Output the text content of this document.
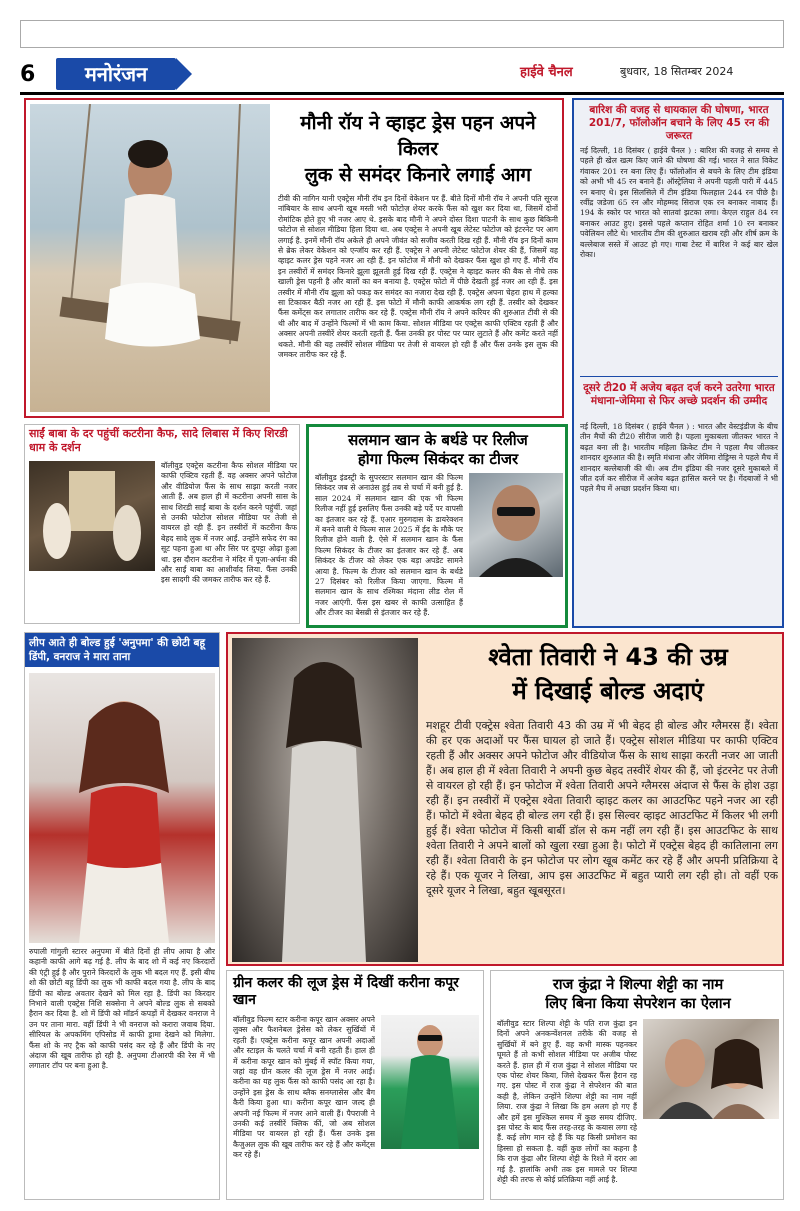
6	मनोरंजन	हाईवे चैनल	बुधवार, 18 सितम्बर 2024
मौनी रॉय ने व्हाइट ड्रेस पहन अपने किलर
लुक से समंदर किनारे लगाई आग
टीवी की नागिन यानी एक्ट्रेस मौनी रॉय इन दिनों वेकेशन पर हैं. बीते दिनों मौनी रॉय ने अपनी पति सूरज नांबियार के साथ अपनी खूब मस्ती भरी फोटोज़ शेयर करके फैंस को खुश कर दिया था, जिसमें दोनों रोमांटिक होते हुए भी नजर आए थे. इसके बाद मौनी ने अपने दोस्त दिशा पाटनी के साथ कुछ बिकिनी फोटोज से सोशल मीडिया हिला दिया था. अब एक्ट्रेस ने अपनी खूब लेटेस्ट फोटोज को इंटरनेट पर आग लगाई है. इनमें मौनी रॉय अकेले ही अपने जीवंत को सजीव करती दिख रही हैं. मौनी रॉय इन दिनों काम से ब्रेक लेकर वेकेशन को एन्जॉय कर रही हैं. एक्ट्रेस ने अपनी लेटेस्ट फोटोज शेयर की हैं, जिसमें वह व्हाइट कलर ड्रेस पहने नजर आ रही हैं. इन फोटोज में मौनी को देखकर फैंस खुश हो गए हैं. मौनी रॉय इन तस्वीरों में समंदर किनारे झूला झूलती हुई दिख रही हैं. एक्ट्रेस ने व्हाइट कलर की बैक से नीचे तक खाली ड्रेस पहनी है और बालों का बन बनाया है. एक्ट्रेस फोटो में पीछे देखती हुई नजर आ रही हैं. इस तस्वीर में मौनी रॉय झूला को पकड़ कर समंदर का नजारा देख रही हैं. एक्ट्रेस अपना चेहरा हाथ में हल्का सा टिकाकर बैठी नजर आ रही हैं. इस फोटो में मौनी काफी आकर्षक लग रही हैं. तस्वीर को देखकर फैंस कमेंट्स कर लगातार तारीफ कर रहे हैं. एक्ट्रेस मौनी रॉय ने अपने करियर की शुरुआत टीवी से की थी और बाद में उन्होंने फिल्मों में भी काम किया. सोशल मीडिया पर एक्ट्रेस काफी एक्टिव रहती हैं और अक्सर अपनी तस्वीरें शेयर करती रहती हैं. फैंस उनकी हर पोस्ट पर प्यार लुटाते हैं और कमेंट करते नहीं थकते. मौनी की यह तस्वीरें सोशल मीडिया पर तेजी से वायरल हो रही हैं और फैंस उनके इस लुक की जमकर तारीफ कर रहे हैं.
बारिश की वजह से धायकाल की घोषणा, भारत 201/7, फॉलोऑन बचाने के लिए 45 रन की जरूरत
नई दिल्ली, 18 दिसंबर ( हाईवे चैनल ) : बारिश की वजह से समय से पहले ही खेल खत्म किए जाने की घोषणा की गई। भारत ने सात विकेट गंवाकर 201 रन बना लिए हैं। फॉलोऑन से बचने के लिए टीम इंडिया को अभी भी 45 रन बनाने हैं। ऑस्ट्रेलिया ने अपनी पहली पारी में 445 रन बनाए थे। इस सिलसिले में टीम इंडिया फिलहाल 244 रन पीछे है। रवींद्र जडेजा 65 रन और मोहम्मद सिराज एक रन बनाकर नाबाद हैं। 194 के स्कोर पर भारत को सातवां झटका लगा। केएल राहुल 84 रन बनाकर आउट हुए। इससे पहले कप्तान रोहित शर्मा 10 रन बनाकर पवेलियन लौटे थे। भारतीय टीम की शुरुआत खराब रही और शीर्ष क्रम के बल्लेबाज सस्ते में आउट हो गए। गाबा टेस्ट में बारिश ने कई बार खेल रोका।
दूसरे टी20 में अजेय बढ़त दर्ज करने उतरेगा भारत मंधाना-जेमिमा से फिर अच्छे प्रदर्शन की उम्मीद
नई दिल्ली, 18 दिसंबर ( हाईवे चैनल ) : भारत और वेस्टइंडीज के बीच तीन मैचों की टी20 सीरीज जारी है। पहला मुकाबला जीतकर भारत ने बढ़त बना ली है। भारतीय महिला क्रिकेट टीम ने पहला मैच जीतकर शानदार शुरुआत की है। स्मृति मंधाना और जेमिमा रोड्रिग्स ने पहले मैच में शानदार बल्लेबाजी की थी। अब टीम इंडिया की नजर दूसरे मुकाबले में जीत दर्ज कर सीरीज में अजेय बढ़त हासिल करने पर है। गेंदबाजों ने भी पहले मैच में अच्छा प्रदर्शन किया था।
साईं बाबा के दर पहुंचीं कटरीना कैफ, सादे लिबास में किए शिरडी धाम के दर्शन
बॉलीवुड एक्ट्रेस कटरीना कैफ सोशल मीडिया पर काफी एक्टिव रहती हैं. वह अक्सर अपने फोटोज और वीडियोज फैंस के साथ साझा करती नजर आती हैं. अब हाल ही में कटरीना अपनी सास के साथ शिरडी साईं बाबा के दर्शन करने पहुंचीं. जहां से उनकी फोटोज सोशल मीडिया पर तेजी से वायरल हो रही हैं. इन तस्वीरों में कटरीना कैफ बेहद सादे लुक में नजर आईं. उन्होंने सफेद रंग का सूट पहना हुआ था और सिर पर दुपट्टा ओढ़ा हुआ था. इस दौरान कटरीना ने मंदिर में पूजा-अर्चना की और साईं बाबा का आशीर्वाद लिया. फैंस उनकी इस सादगी की जमकर तारीफ कर रहे हैं.
सलमान खान के बर्थडे पर रिलीज
होगा फिल्म सिकंदर का टीजर
बॉलीवुड इंडस्ट्री के सुपरस्टार सलमान खान की फिल्म सिकंदर जब से अनाउंस हुई तब से चर्चा में बनी हुई है. साल 2024 में सलमान खान की एक भी फिल्म रिलीज नहीं हुई इसलिए फैंस उनकी बड़े पर्दे पर वापसी का इंतजार कर रहे हैं. एआर मुरुगदास के डायरेक्शन में बनने वाली ये फिल्म साल 2025 में ईद के मौके पर रिलीज होने वाली है. ऐसे में सलमान खान के फैंस फिल्म सिकंदर के टीजर का इंतजार कर रहे हैं. अब सिकंदर के टीजर को लेकर एक बड़ा अपडेट सामने आया है. फिल्म के टीजर को सलमान खान के बर्थडे 27 दिसंबर को रिलीज किया जाएगा. फिल्म में सलमान खान के साथ रश्मिका मंदाना लीड रोल में नजर आएंगी. फैंस इस खबर से काफी उत्साहित हैं और टीजर का बेसब्री से इंतजार कर रहे हैं.
लीप आते ही बोल्ड हुई 'अनुपमा' की छोटी बहू डिंपी, वनराज ने मारा ताना
रुपाली गांगुली स्टारर अनुपमा में बीते दिनों ही लीप आया है और कहानी काफी आगे बढ़ गई है. लीप के बाद शो में कई नए किरदारों की एंट्री हुई है और पुराने किरदारों के लुक भी बदल गए हैं. इसी बीच शो की छोटी बहू डिंपी का लुक भी काफी बदल गया है. लीप के बाद डिंपी का बोल्ड अवतार देखने को मिल रहा है. डिंपी का किरदार निभाने वाली एक्ट्रेस निशि सक्सेना ने अपने बोल्ड लुक से सबको हैरान कर दिया है. शो में डिंपी को मॉडर्न कपड़ों में देखकर वनराज ने उन पर ताना मारा. वहीं डिंपी ने भी वनराज को करारा जवाब दिया. सीरियल के अपकमिंग एपिसोड में काफी ड्रामा देखने को मिलेगा. फैंस शो के नए ट्रैक को काफी पसंद कर रहे हैं और डिंपी के नए अंदाज की खूब तारीफ हो रही है. अनुपमा टीआरपी की रेस में भी लगातार टॉप पर बना हुआ है.
श्वेता तिवारी ने 43 की उम्र
में दिखाई बोल्ड अदाएं
मशहूर टीवी एक्ट्रेस श्वेता तिवारी 43 की उम्र में भी बेहद ही बोल्ड और ग्लैमरस हैं। श्वेता की हर एक अदाओं पर फैंस घायल हो जाते हैं। एक्ट्रेस सोशल मीडिया पर काफी एक्टिव रहती हैं और अक्सर अपने फोटोज और वीडियोज फैंस के साथ साझा करती नजर आ जाती हैं। अब हाल ही में श्वेता तिवारी ने अपनी कुछ बेहद तस्वीरें शेयर की हैं, जो इंटरनेट पर तेजी से वायरल हो रही हैं। इन फोटोज में श्वेता तिवारी अपने ग्लैमरस अंदाज से फैंस के होश उड़ा रही हैं। इन तस्वीरों में एक्ट्रेस श्वेता तिवारी व्हाइट कलर का आउटफिट पहने नजर आ रही हैं। फोटो में श्वेता बेहद ही बोल्ड लग रही हैं। इस सिल्वर व्हाइट आउटफिट में किलर भी लगी हुई हैं। श्वेता फोटोज में किसी बार्बी डॉल से कम नहीं लग रही हैं। इस आउटफिट के साथ श्वेता तिवारी ने अपने बालों को खुला रखा हुआ है। फोटो में एक्ट्रेस बेहद ही कातिलाना लग रही हैं। श्वेता तिवारी के इन फोटोज पर लोग खूब कमेंट कर रहे हैं और अपनी प्रतिक्रिया दे रहे हैं। एक यूजर ने लिखा, आप इस आउटफिट में बहुत प्यारी लग रही हो। तो वहीं एक दूसरे यूजर ने लिखा, बहुत खूबसूरत।
ग्रीन कलर की लूज ड्रेस में दिखीं करीना कपूर खान
बॉलीवुड फिल्म स्टार करीना कपूर खान अक्सर अपने लुक्स और फैशनेबल ड्रेसेस को लेकर सुर्खियों में रहती हैं। एक्ट्रेस करीना कपूर खान अपनी अदाओं और स्टाइल के चलते चर्चा में बनी रहती हैं। हाल ही में करीना कपूर खान को मुंबई में स्पॉट किया गया, जहां वह ग्रीन कलर की लूज ड्रेस में नजर आईं। करीना का यह लुक फैंस को काफी पसंद आ रहा है। उन्होंने इस ड्रेस के साथ ब्लैक सनग्लासेस और बैग कैरी किया हुआ था। करीना कपूर खान जल्द ही अपनी नई फिल्म में नजर आने वाली हैं। पैपराजी ने उनकी कई तस्वीरें क्लिक कीं, जो अब सोशल मीडिया पर वायरल हो रही हैं। फैंस उनके इस कैजुअल लुक की खूब तारीफ कर रहे हैं और कमेंट्स कर रहे हैं।
राज कुंद्रा ने शिल्पा शेट्टी का नाम
लिए बिना किया सेपरेशन का ऐलान
बॉलीवुड स्टार शिल्पा शेट्टी के पति राज कुंद्रा इन दिनों अपने अनकन्वेंशनल तरीके की वजह से सुर्खियों में बने हुए हैं. वह कभी मास्क पहनकर घूमते हैं तो कभी सोशल मीडिया पर अजीब पोस्ट करते हैं. हाल ही में राज कुंद्रा ने सोशल मीडिया पर एक पोस्ट शेयर किया, जिसे देखकर फैंस हैरान रह गए. इस पोस्ट में राज कुंद्रा ने सेपरेशन की बात कही है, लेकिन उन्होंने शिल्पा शेट्टी का नाम नहीं लिया. राज कुंद्रा ने लिखा कि हम अलग हो गए हैं और हमें इस मुश्किल समय में कुछ समय दीजिए. इस पोस्ट के बाद फैंस तरह-तरह के कयास लगा रहे हैं. कई लोग मान रहे हैं कि यह किसी प्रमोशन का हिस्सा हो सकता है. वहीं कुछ लोगों का कहना है कि राज कुंद्रा और शिल्पा शेट्टी के रिश्ते में दरार आ गई है. हालांकि अभी तक इस मामले पर शिल्पा शेट्टी की तरफ से कोई प्रतिक्रिया नहीं आई है.
